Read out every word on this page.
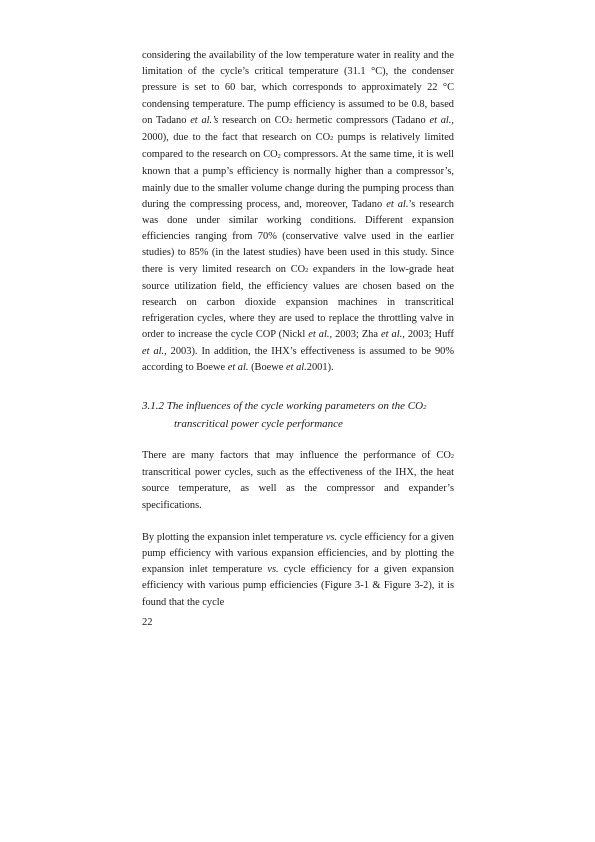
considering the availability of the low temperature water in reality and the limitation of the cycle’s critical temperature (31.1 °C), the condenser pressure is set to 60 bar, which corresponds to approximately 22 °C condensing temperature. The pump efficiency is assumed to be 0.8, based on Tadano et al.’s research on $CO_2$ hermetic compressors (Tadano et al., 2000), due to the fact that research on $CO_2$ pumps is relatively limited compared to the research on $CO_2$ compressors. At the same time, it is well known that a pump’s efficiency is normally higher than a compressor’s, mainly due to the smaller volume change during the pumping process than during the compressing process, and, moreover, Tadano et al.’s research was done under similar working conditions. Different expansion efficiencies ranging from 70% (conservative valve used in the earlier studies) to 85% (in the latest studies) have been used in this study. Since there is very limited research on $CO_2$ expanders in the low-grade heat source utilization field, the efficiency values are chosen based on the research on carbon dioxide expansion machines in transcritical refrigeration cycles, where they are used to replace the throttling valve in order to increase the cycle COP (Nickl et al., 2003; Zha et al., 2003; Huff et al., 2003). In addition, the IHX’s effectiveness is assumed to be 90% according to Boewe et al. (Boewe et al.2001).

3.1.2 The influences of the cycle working parameters on the $CO_2$ transcritical power cycle performance

There are many factors that may influence the performance of $CO_2$ transcritical power cycles, such as the effectiveness of the IHX, the heat source temperature, as well as the compressor and expander’s specifications.

By plotting the expansion inlet temperature vs. cycle efficiency for a given pump efficiency with various expansion efficiencies, and by plotting the expansion inlet temperature vs. cycle efficiency for a given expansion efficiency with various pump efficiencies (Figure 3-1 & Figure 3-2), it is found that the cycle

22
